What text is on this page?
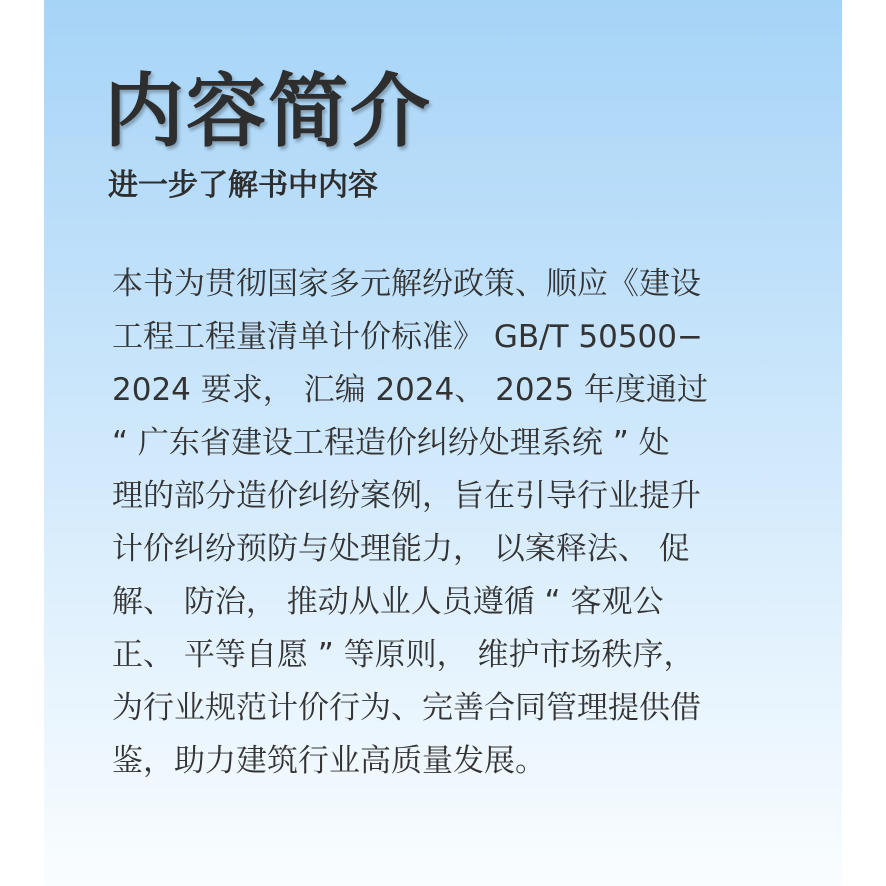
内容简介
进一步了解书中内容
本书为贯彻国家多元解纷政策、顺应《建设
工程工程量清单计价标准》 GB/T 50500−
2024 要求， 汇编 2024、 2025 年度通过
“ 广东省建设工程造价纠纷处理系统 ” 处
理的部分造价纠纷案例，旨在引导行业提升
计价纠纷预防与处理能力， 以案释法、 促
解、 防治， 推动从业人员遵循 “ 客观公
正、 平等自愿 ” 等原则， 维护市场秩序，
为行业规范计价行为、完善合同管理提供借
鉴，助力建筑行业高质量发展。
